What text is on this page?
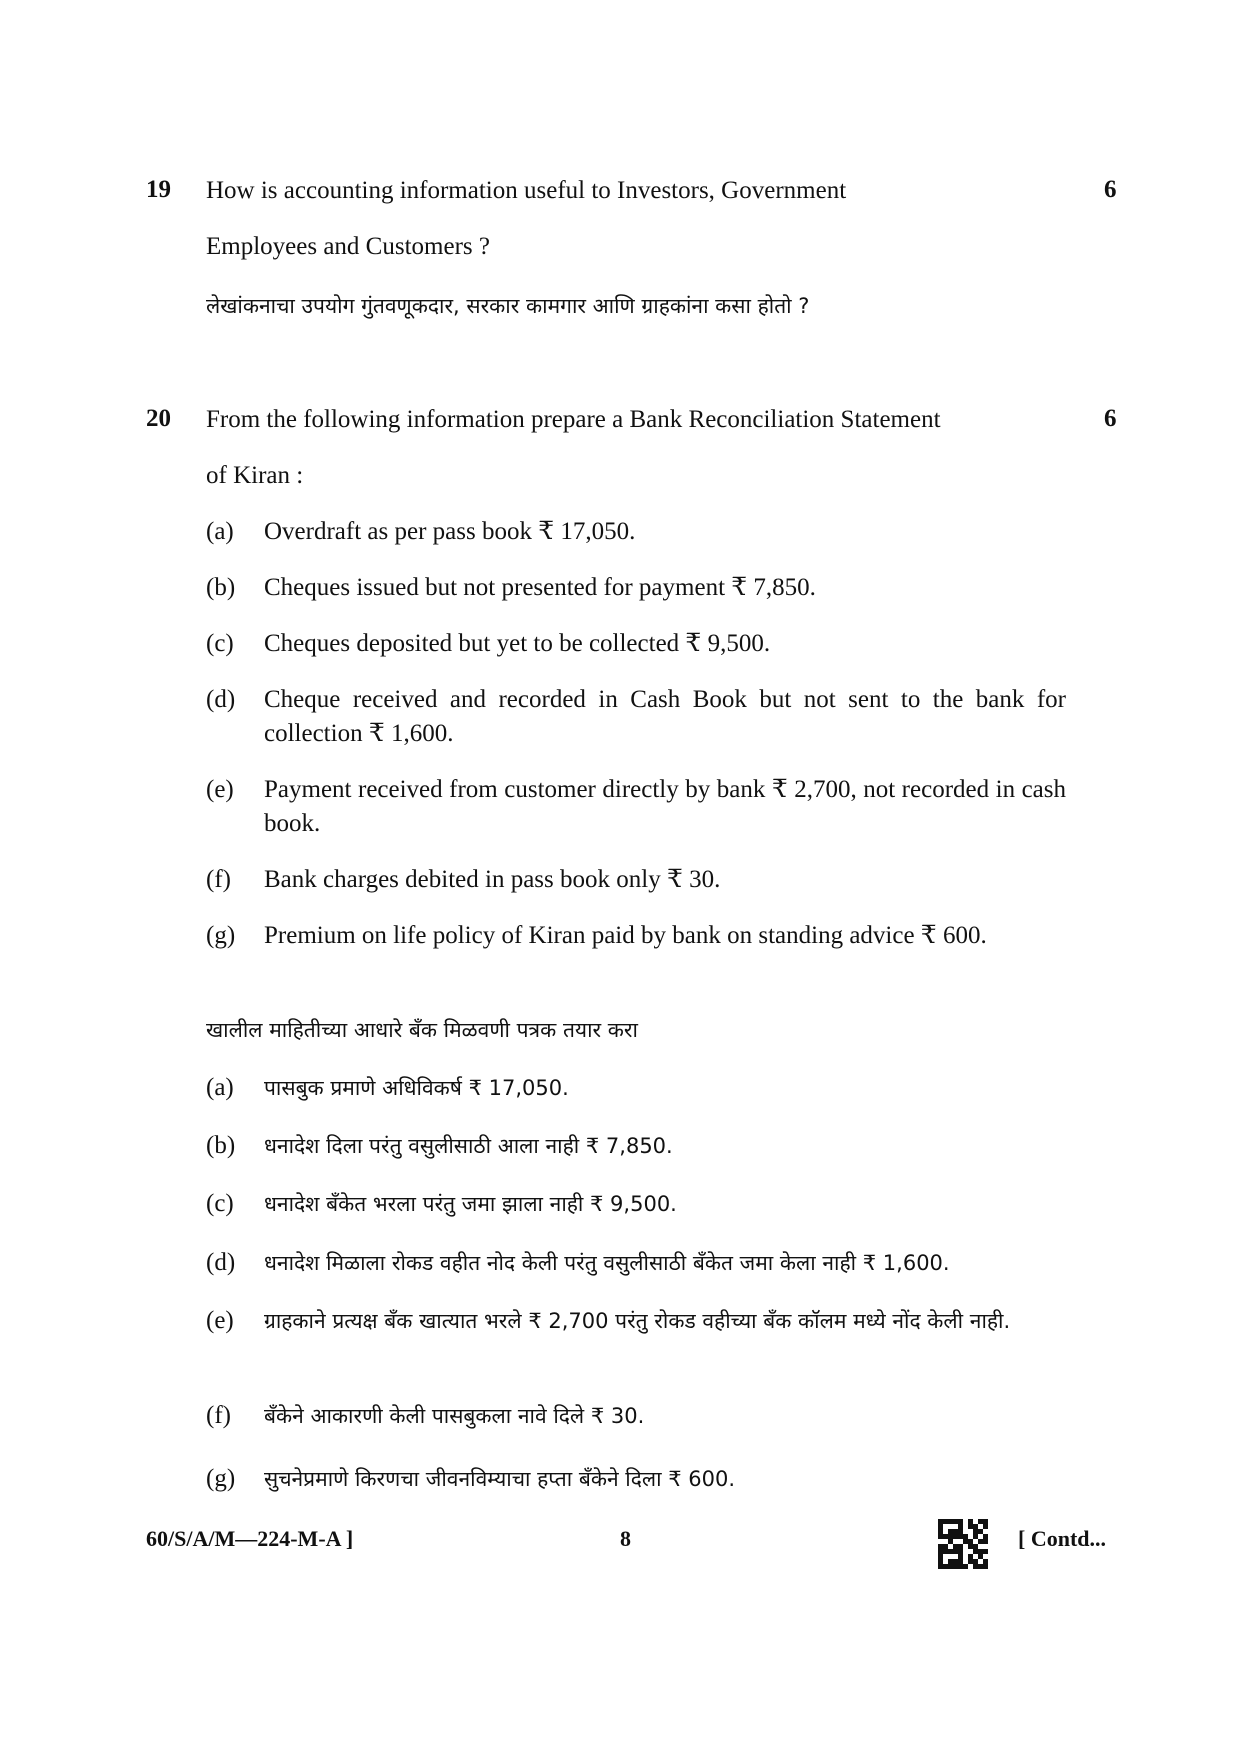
19	6
How is accounting information useful to Investors, Government
Employees and Customers ?
लेखांकनाचा उपयोग गुंतवणूकदार, सरकार कामगार आणि ग्राहकांना कसा होतो ?
20	6
From the following information prepare a Bank Reconciliation Statement
of Kiran :
(a)	Overdraft as per pass book ₹ 17,050.
(b)	Cheques issued but not presented for payment ₹ 7,850.
(c)	Cheques deposited but yet to be collected ₹ 9,500.
(d)	Cheque received and recorded in Cash Book but not sent to the bank for collection ₹ 1,600.
(e)	Payment received from customer directly by bank ₹ 2,700, not recorded in cash book.
(f)	Bank charges debited in pass book only ₹ 30.
(g)	Premium on life policy of Kiran paid by bank on standing advice ₹ 600.
खालील माहितीच्या आधारे बँक मिळवणी पत्रक तयार करा
(a)	पासबुक प्रमाणे अधिविकर्ष ₹ 17,050.
(b)	धनादेश दिला परंतु वसुलीसाठी आला नाही ₹ 7,850.
(c)	धनादेश बँकेत भरला परंतु जमा झाला नाही ₹ 9,500.
(d)	धनादेश मिळाला रोकड वहीत नोद केली परंतु वसुलीसाठी बँकेत जमा केला नाही ₹ 1,600.
(e)	ग्राहकाने प्रत्यक्ष बँक खात्यात भरले ₹ 2,700 परंतु रोकड वहीच्या बँक कॉलम मध्ये नोंद केली नाही.
(f)	बँकेने आकारणी केली पासबुकला नावे दिले ₹ 30.
(g)	सुचनेप्रमाणे किरणचा जीवनविम्याचा हप्ता बँकेने दिला ₹ 600.
60/S/A/M—224-M-A ]	8	[ Contd...
